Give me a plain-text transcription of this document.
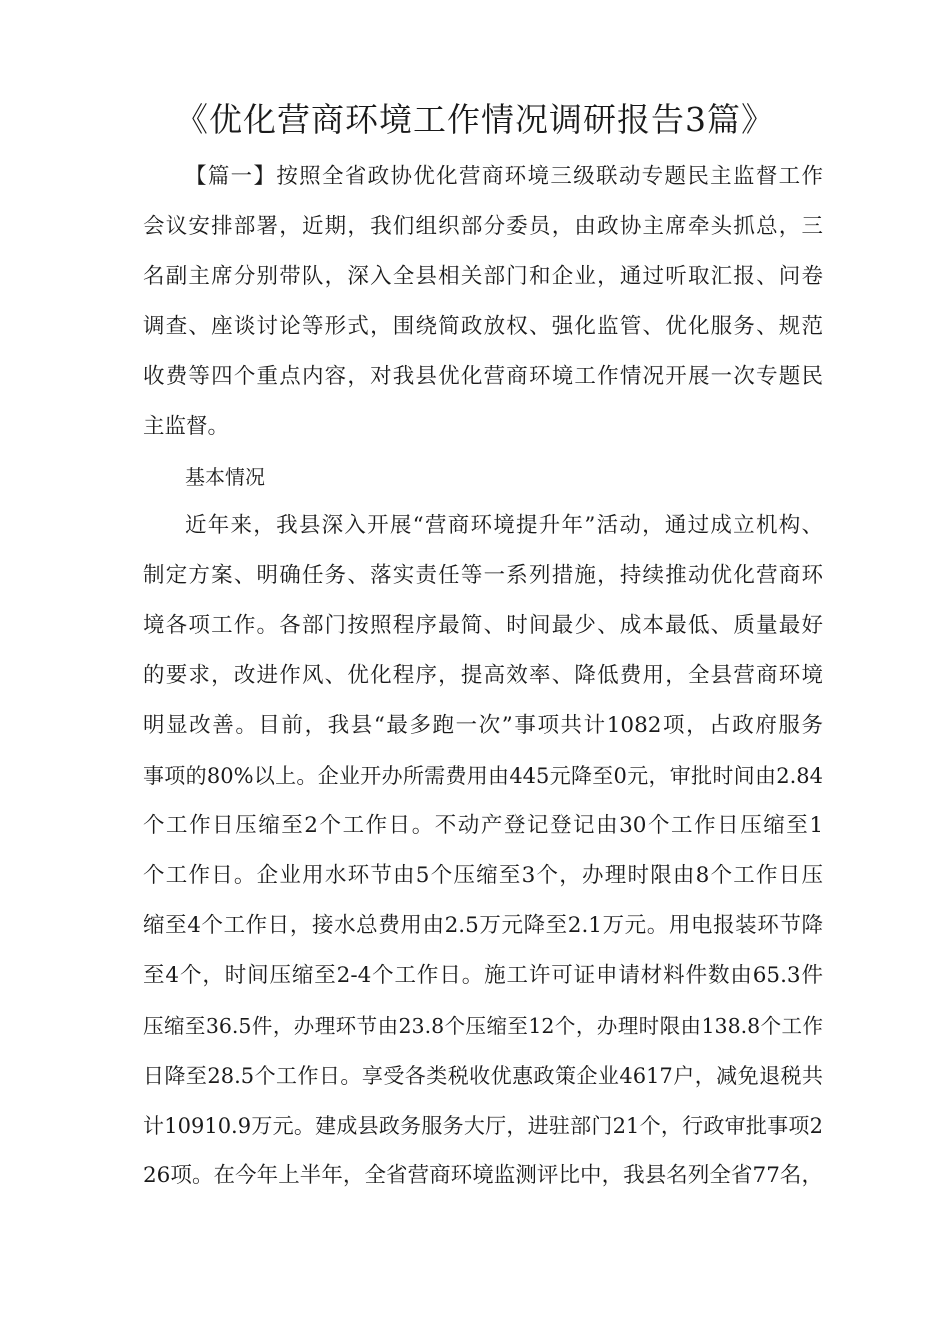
《优化营商环境工作情况调研报告3篇》
【篇一】按照全省政协优化营商环境三级联动专题民主监督工作
会议安排部署，近期，我们组织部分委员，由政协主席牵头抓总，三
名副主席分别带队，深入全县相关部门和企业，通过听取汇报、问卷
调查、座谈讨论等形式，围绕简政放权、强化监管、优化服务、规范
收费等四个重点内容，对我县优化营商环境工作情况开展一次专题民
主监督。
基本情况
近年来，我县深入开展“营商环境提升年”活动，通过成立机构、
制定方案、明确任务、落实责任等一系列措施，持续推动优化营商环
境各项工作。各部门按照程序最简、时间最少、成本最低、质量最好
的要求，改进作风、优化程序，提高效率、降低费用，全县营商环境
明显改善。目前，我县“最多跑一次”事项共计1082项，占政府服务
事项的80%以上。企业开办所需费用由445元降至0元，审批时间由2.84
个工作日压缩至2个工作日。不动产登记登记由30个工作日压缩至1
个工作日。企业用水环节由5个压缩至3个，办理时限由8个工作日压
缩至4个工作日，接水总费用由2.5万元降至2.1万元。用电报装环节降
至4个，时间压缩至2-4个工作日。施工许可证申请材料件数由65.3件
压缩至36.5件，办理环节由23.8个压缩至12个，办理时限由138.8个工作
日降至28.5个工作日。享受各类税收优惠政策企业4617户，减免退税共
计10910.9万元。建成县政务服务大厅，进驻部门21个，行政审批事项2
26项。在今年上半年，全省营商环境监测评比中，我县名列全省77名，
